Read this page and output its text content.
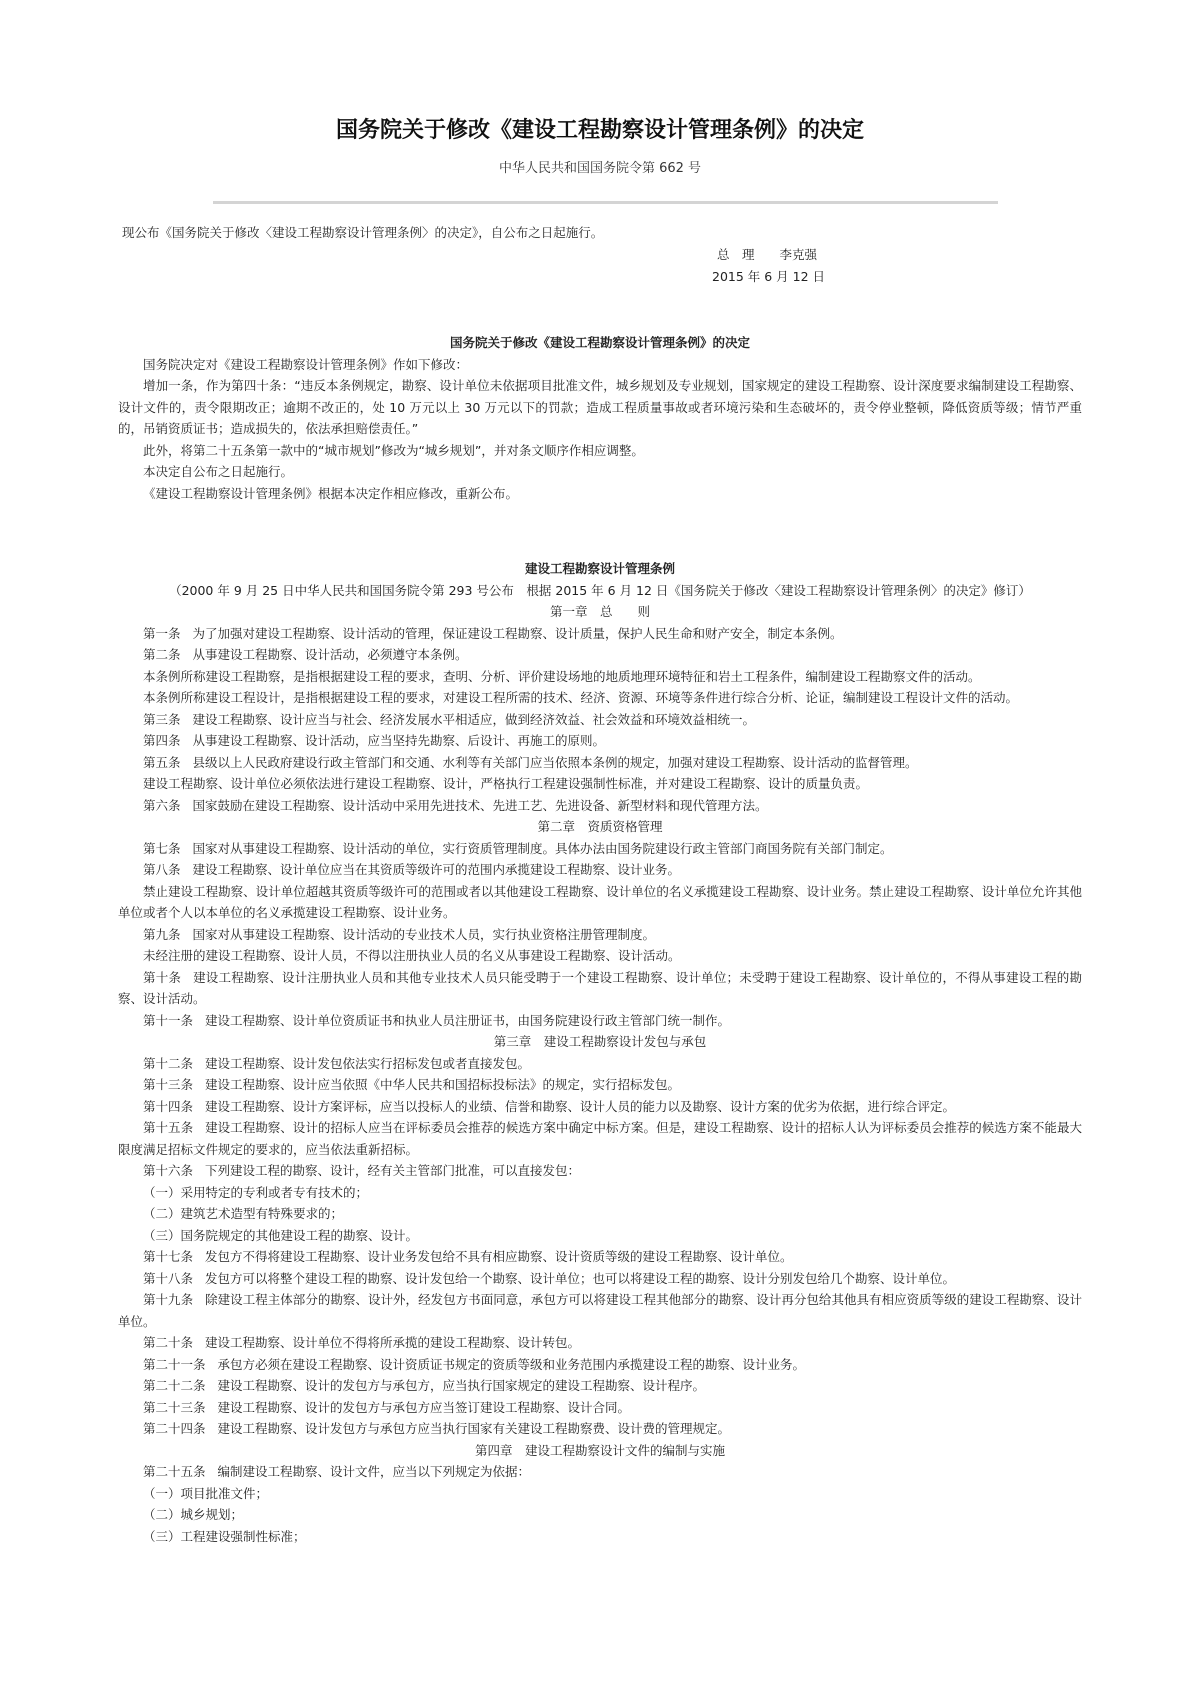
国务院关于修改《建设工程勘察设计管理条例》的决定
中华人民共和国国务院令第 662 号
现公布《国务院关于修改〈建设工程勘察设计管理条例〉的决定》，自公布之日起施行。
总　理　　 李克强
2015 年 6 月 12 日

国务院关于修改《建设工程勘察设计管理条例》的决定

国务院决定对《建设工程勘察设计管理条例》作如下修改：

增加一条，作为第四十条：“违反本条例规定，勘察、设计单位未依据项目批准文件，城乡规划及专业规划，国家规定的建设工程勘察、设计深度要求编制建设工程勘察、设计文件的，责令限期改正；逾期不改正的，处 10 万元以上 30 万元以下的罚款；造成工程质量事故或者环境污染和生态破坏的，责令停业整顿，降低资质等级；情节严重的，吊销资质证书；造成损失的，依法承担赔偿责任。”

此外，将第二十五条第一款中的“城市规划”修改为“城乡规划”，并对条文顺序作相应调整。

本决定自公布之日起施行。

《建设工程勘察设计管理条例》根据本决定作相应修改，重新公布。

建设工程勘察设计管理条例

（2000 年 9 月 25 日中华人民共和国国务院令第 293 号公布　根据 2015 年 6 月 12 日《国务院关于修改〈建设工程勘察设计管理条例〉的决定》修订）

第一章　总　　则

第一条 为了加强对建设工程勘察、设计活动的管理，保证建设工程勘察、设计质量，保护人民生命和财产安全，制定本条例。

第二条 从事建设工程勘察、设计活动，必须遵守本条例。

本条例所称建设工程勘察，是指根据建设工程的要求，查明、分析、评价建设场地的地质地理环境特征和岩土工程条件，编制建设工程勘察文件的活动。

本条例所称建设工程设计，是指根据建设工程的要求，对建设工程所需的技术、经济、资源、环境等条件进行综合分析、论证，编制建设工程设计文件的活动。

第三条 建设工程勘察、设计应当与社会、经济发展水平相适应，做到经济效益、社会效益和环境效益相统一。

第四条 从事建设工程勘察、设计活动，应当坚持先勘察、后设计、再施工的原则。

第五条 县级以上人民政府建设行政主管部门和交通、水利等有关部门应当依照本条例的规定，加强对建设工程勘察、设计活动的监督管理。

建设工程勘察、设计单位必须依法进行建设工程勘察、设计，严格执行工程建设强制性标准，并对建设工程勘察、设计的质量负责。

第六条 国家鼓励在建设工程勘察、设计活动中采用先进技术、先进工艺、先进设备、新型材料和现代管理方法。

第二章　资质资格管理

第七条 国家对从事建设工程勘察、设计活动的单位，实行资质管理制度。具体办法由国务院建设行政主管部门商国务院有关部门制定。

第八条 建设工程勘察、设计单位应当在其资质等级许可的范围内承揽建设工程勘察、设计业务。

禁止建设工程勘察、设计单位超越其资质等级许可的范围或者以其他建设工程勘察、设计单位的名义承揽建设工程勘察、设计业务。禁止建设工程勘察、设计单位允许其他单位或者个人以本单位的名义承揽建设工程勘察、设计业务。

第九条 国家对从事建设工程勘察、设计活动的专业技术人员，实行执业资格注册管理制度。

未经注册的建设工程勘察、设计人员，不得以注册执业人员的名义从事建设工程勘察、设计活动。

第十条 建设工程勘察、设计注册执业人员和其他专业技术人员只能受聘于一个建设工程勘察、设计单位；未受聘于建设工程勘察、设计单位的，不得从事建设工程的勘察、设计活动。

第十一条 建设工程勘察、设计单位资质证书和执业人员注册证书，由国务院建设行政主管部门统一制作。

第三章　建设工程勘察设计发包与承包

第十二条 建设工程勘察、设计发包依法实行招标发包或者直接发包。

第十三条 建设工程勘察、设计应当依照《中华人民共和国招标投标法》的规定，实行招标发包。

第十四条 建设工程勘察、设计方案评标，应当以投标人的业绩、信誉和勘察、设计人员的能力以及勘察、设计方案的优劣为依据，进行综合评定。

第十五条 建设工程勘察、设计的招标人应当在评标委员会推荐的候选方案中确定中标方案。但是，建设工程勘察、设计的招标人认为评标委员会推荐的候选方案不能最大限度满足招标文件规定的要求的，应当依法重新招标。

第十六条 下列建设工程的勘察、设计，经有关主管部门批准，可以直接发包：

（一）采用特定的专利或者专有技术的；

（二）建筑艺术造型有特殊要求的；

（三）国务院规定的其他建设工程的勘察、设计。

第十七条 发包方不得将建设工程勘察、设计业务发包给不具有相应勘察、设计资质等级的建设工程勘察、设计单位。

第十八条 发包方可以将整个建设工程的勘察、设计发包给一个勘察、设计单位；也可以将建设工程的勘察、设计分别发包给几个勘察、设计单位。

第十九条 除建设工程主体部分的勘察、设计外，经发包方书面同意，承包方可以将建设工程其他部分的勘察、设计再分包给其他具有相应资质等级的建设工程勘察、设计单位。

第二十条 建设工程勘察、设计单位不得将所承揽的建设工程勘察、设计转包。

第二十一条 承包方必须在建设工程勘察、设计资质证书规定的资质等级和业务范围内承揽建设工程的勘察、设计业务。

第二十二条 建设工程勘察、设计的发包方与承包方，应当执行国家规定的建设工程勘察、设计程序。

第二十三条 建设工程勘察、设计的发包方与承包方应当签订建设工程勘察、设计合同。

第二十四条 建设工程勘察、设计发包方与承包方应当执行国家有关建设工程勘察费、设计费的管理规定。

第四章　建设工程勘察设计文件的编制与实施

第二十五条 编制建设工程勘察、设计文件，应当以下列规定为依据：

（一）项目批准文件；

（二）城乡规划；

（三）工程建设强制性标准；
